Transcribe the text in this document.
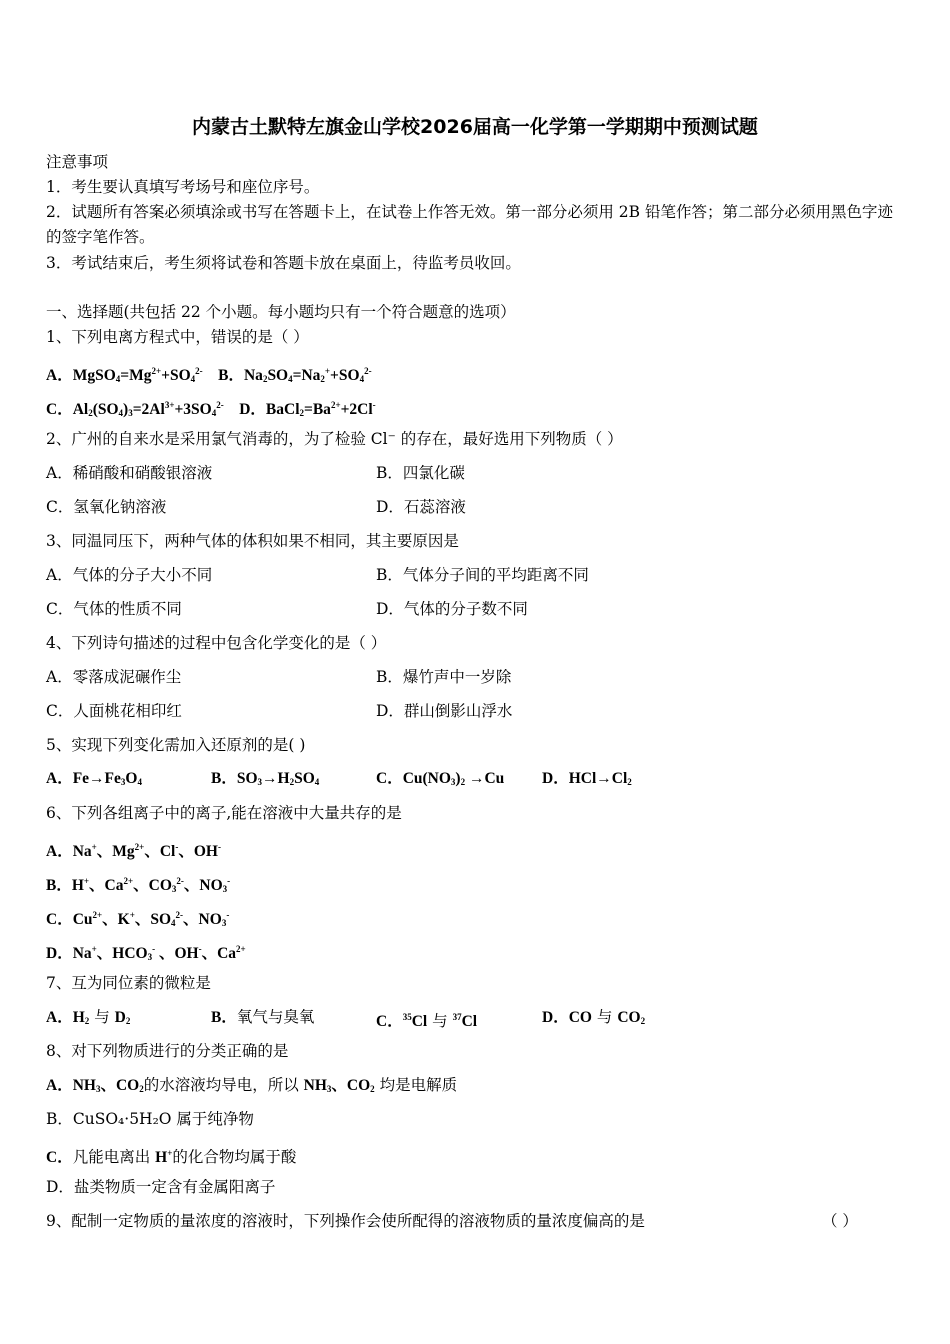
内蒙古土默特左旗金山学校2026届高一化学第一学期期中预测试题
注意事项
1．考生要认真填写考场号和座位序号。
2．试题所有答案必须填涂或书写在答题卡上，在试卷上作答无效。第一部分必须用 2B 铅笔作答；第二部分必须用黑色字迹的签字笔作答。
3．考试结束后，考生须将试卷和答题卡放在桌面上，待监考员收回。
一、选择题(共包括 22 个小题。每小题均只有一个符合题意的选项）
1、下列电离方程式中，错误的是（ ）
A．$MgSO_4=Mg^{2+}+SO_4^{2-}$    B．$Na_2SO_4=Na_2^++SO_4^{2-}$
C．$Al_2(SO_4)_3=2Al^{3+}+3SO_4^{2-}$    D．$BaCl_2=Ba^{2+}+2Cl^-$
2、广州的自来水是采用氯气消毒的，为了检验 Cl⁻ 的存在，最好选用下列物质（ ）
A．稀硝酸和硝酸银溶液	B．四氯化碳
C．氢氧化钠溶液	D．石蕊溶液
3、同温同压下，两种气体的体积如果不相同，其主要原因是
A．气体的分子大小不同	B．气体分子间的平均距离不同
C．气体的性质不同	D．气体的分子数不同
4、下列诗句描述的过程中包含化学变化的是（ ）
A．零落成泥碾作尘	B．爆竹声中一岁除
C．人面桃花相印红	D．群山倒影山浮水
5、实现下列变化需加入还原剂的是( )
A．$Fe\to Fe_3O_4$	B．$SO_3\to H_2SO_4$	C．$Cu(NO_3)_2 \to Cu$ D．$HCl\to Cl_2$
6、下列各组离子中的离子,能在溶液中大量共存的是
A．Na+、$Mg^{2+}$、Cl-、OH-
B．H+、$Ca^{2+}$、$CO_3^{2-}$、$NO_3^-$
C．$Cu^{2+}$、K+、$SO_4^{2-}$、$NO_3^-$
D．Na+、$HCO_3^-$ 、OH-、$Ca^{2+}$
7、互为同位素的微粒是
A．$H_2$ 与 $D_2$	B．氧气与臭氧	C．$^{35}$Cl 与 $^{37}$Cl	D．CO 与 $CO_2$
8、对下列物质进行的分类正确的是
A．$NH_3$、$CO_2$的水溶液均导电，所以 $NH_3$、$CO_2$ 均是电解质
B．CuSO₄·5H₂O 属于纯净物
C．凡能电离出 H+的化合物均属于酸
D．盐类物质一定含有金属阳离子
9、配制一定物质的量浓度的溶液时，下列操作会使所配得的溶液物质的量浓度偏高的是	（ ）
